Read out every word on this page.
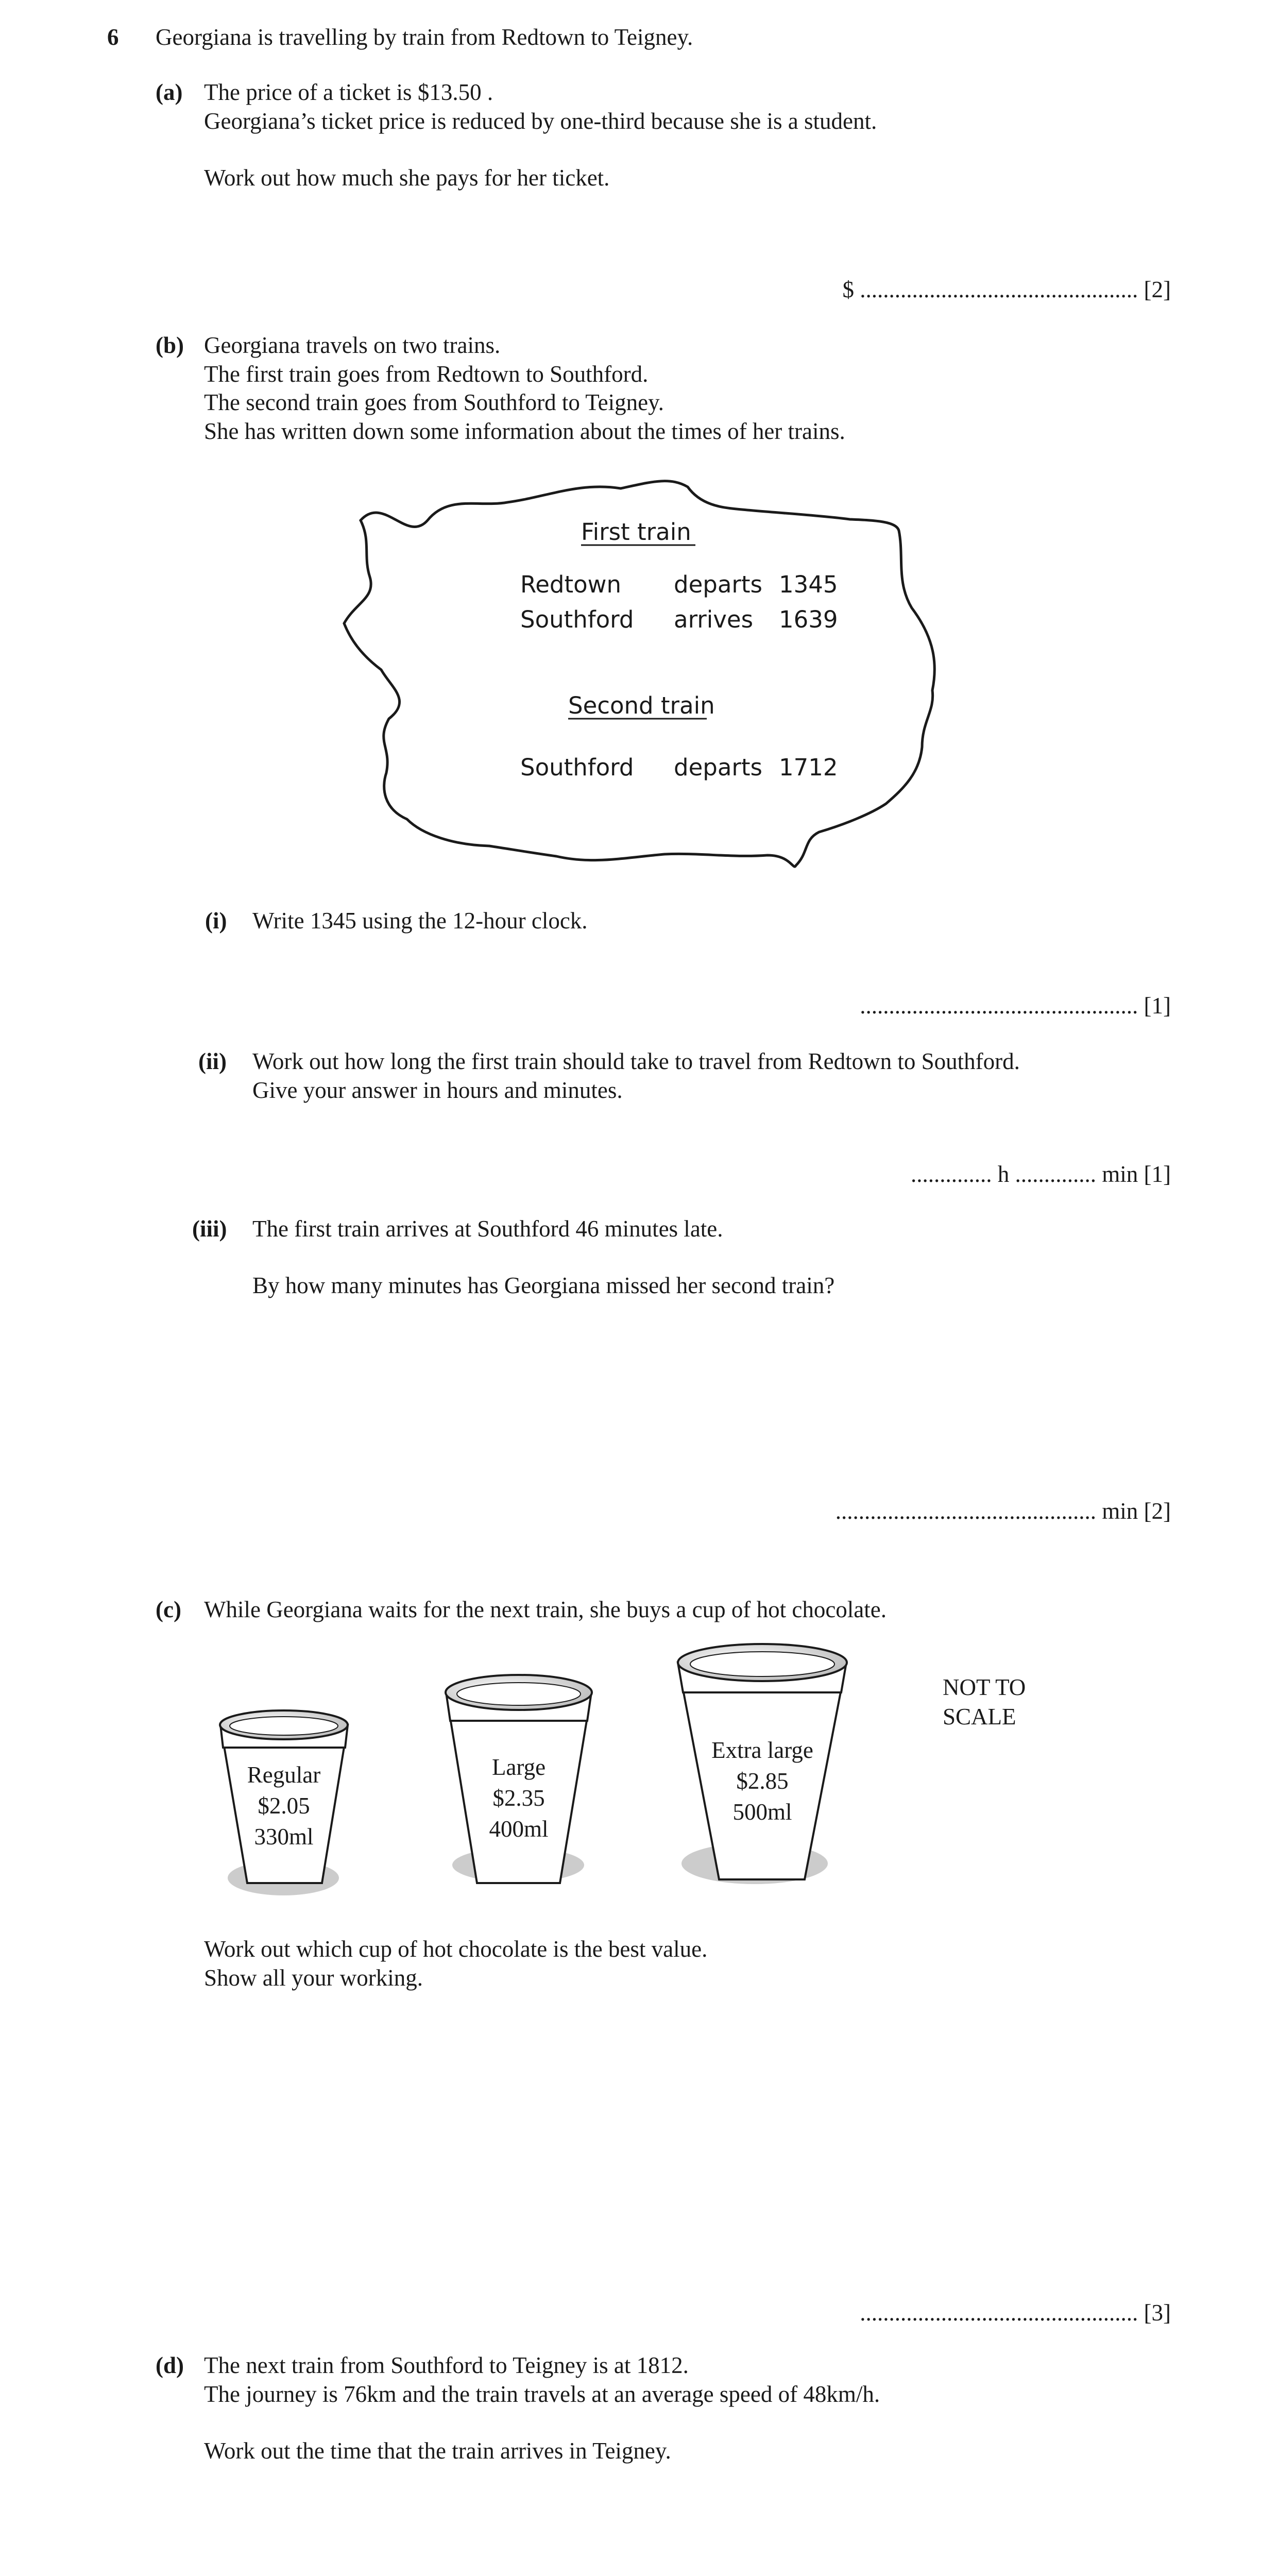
6 Georgiana is travelling by train from Redtown to Teigney.
(a) The price of a ticket is $13.50 .
Georgiana’s ticket price is reduced by one-third because she is a student.
Work out how much she pays for her ticket.
$ ................................................ [2]
(b) Georgiana travels on two trains.
The first train goes from Redtown to Southford.
The second train goes from Southford to Teigney.
She has written down some information about the times of her trains.
First train
Redtown departs 1345
Southford arrives 1639
Second train
Southford departs 1712
(i) Write 1345 using the 12-hour clock.
................................................ [1]
(ii) Work out how long the first train should take to travel from Redtown to Southford.
Give your answer in hours and minutes.
.............. h .............. min [1]
(iii) The first train arrives at Southford 46 minutes late.
By how many minutes has Georgiana missed her second train?
............................................. min [2]
(c) While Georgiana waits for the next train, she buys a cup of hot chocolate.
Regular
$2.05
330ml
Large
$2.35
400ml
Extra large
$2.85
500ml
NOT TO
SCALE
Work out which cup of hot chocolate is the best value.
Show all your working.
................................................ [3]
(d) The next train from Southford to Teigney is at 1812.
The journey is 76km and the train travels at an average speed of 48km/h.
Work out the time that the train arrives in Teigney.
